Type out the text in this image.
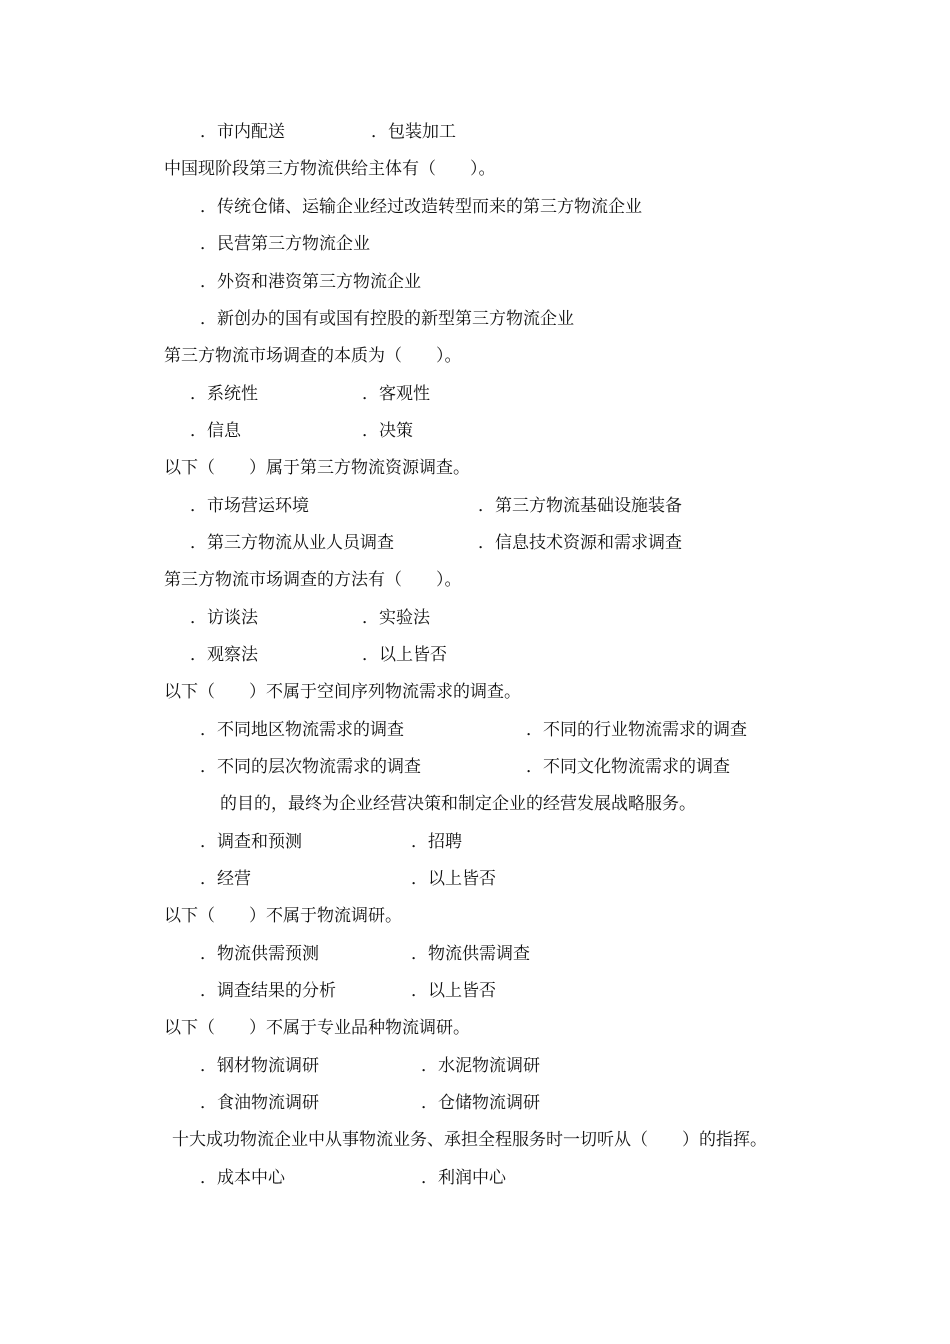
．市内配送	．包装加工
中国现阶段第三方物流供给主体有（　　）。
．传统仓储、运输企业经过改造转型而来的第三方物流企业
．民营第三方物流企业
．外资和港资第三方物流企业
．新创办的国有或国有控股的新型第三方物流企业
第三方物流市场调查的本质为（　　）。
．系统性	．客观性
．信息	．决策
以下（　　）属于第三方物流资源调查。
．市场营运环境	．第三方物流基础设施装备
．第三方物流从业人员调查	．信息技术资源和需求调查
第三方物流市场调查的方法有（　　）。
．访谈法	．实验法
．观察法	．以上皆否
以下（　　）不属于空间序列物流需求的调查。
．不同地区物流需求的调查	．不同的行业物流需求的调查
．不同的层次物流需求的调查	．不同文化物流需求的调查
的目的，最终为企业经营决策和制定企业的经营发展战略服务。
．调查和预测	．招聘
．经营	．以上皆否
以下（　　）不属于物流调研。
．物流供需预测	．物流供需调查
．调查结果的分析	．以上皆否
以下（　　）不属于专业品种物流调研。
．钢材物流调研	．水泥物流调研
．食油物流调研	．仓储物流调研
十大成功物流企业中从事物流业务、承担全程服务时一切听从（　　）的指挥。
．成本中心	．利润中心
